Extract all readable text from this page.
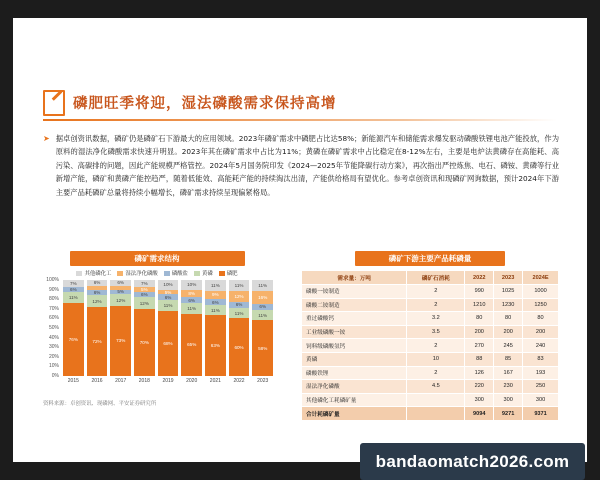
磷肥旺季将迎，湿法磷酸需求保持高增
➤ 据卓创资讯数据，磷矿仍是磷矿石下游最大的应用领域。2023年磷矿需求中磷肥占比达58%；新能源汽车和储能需求爆发驱动磷酸铁锂电池产能投放，作为原料的湿法净化磷酸需求快速升明显。2023年其在磷矿需求中占比为11%；黄磷在磷矿需求中占比稳定在8-12%左右，主要是电炉法黄磷存在高能耗、高污染、高碳排的问题，因此产能规模严格管控。2024年5月国务院印发《2024—2025年节能降碳行动方案》，再次指出严控炼焦、电石、磷铵、黄磷等行业新增产能，磷矿和黄磷产能控趋严，随着低能效、高能耗产能的持续淘汰出清，产能供给格局有望优化。参考卓创资讯和现磷矿网询数据，预计2024年下游主要产品耗磷矿总量将持续小幅增长，磷矿需求持续呈现偏紧格局。
磷矿需求结构
其他磷化工	湿法净化磷酸	磷酸盐	黄磷	磷肥
0%
10%
20%
30%
40%
50%
60%
70%
80%
90%
100%
7%
6%
11%
76%
6%
6%
12%
72%
6%
5%
12%
73%
7%
5%
6%
12%
70%
10%
5%
6%
11%
68%
10%
8%
6%
11%
65%
11%
9%
6%
11%
63%
11%
12%
6%
11%
60%
11%
16%
6%
11%
58%
2015	2016	2017	2018	2019	2020	2021	2022	2023
资料来源：卓创资讯、现磷网、平安证券研究所
磷矿下游主要产品耗磷量
需求量：万吨	磷矿石消耗	2022	2023	2024E
磷酸一铵制造	2	990	1025	1000
磷酸二铵制造	2	1210	1230	1250
重过磷酸钙	3.2	80	80	80
工业级磷酸一铵	3.5	200	200	200
饲料级磷酸氢钙	2	270	245	240
黄磷	10	88	85	83
磷酸铁锂	2	126	167	193
湿法净化磷酸	4.5	220	230	250
其他磷化工耗磷矿量		300	300	300
合计耗磷矿量		9094	9271	9371
bandaomatch2026.com
